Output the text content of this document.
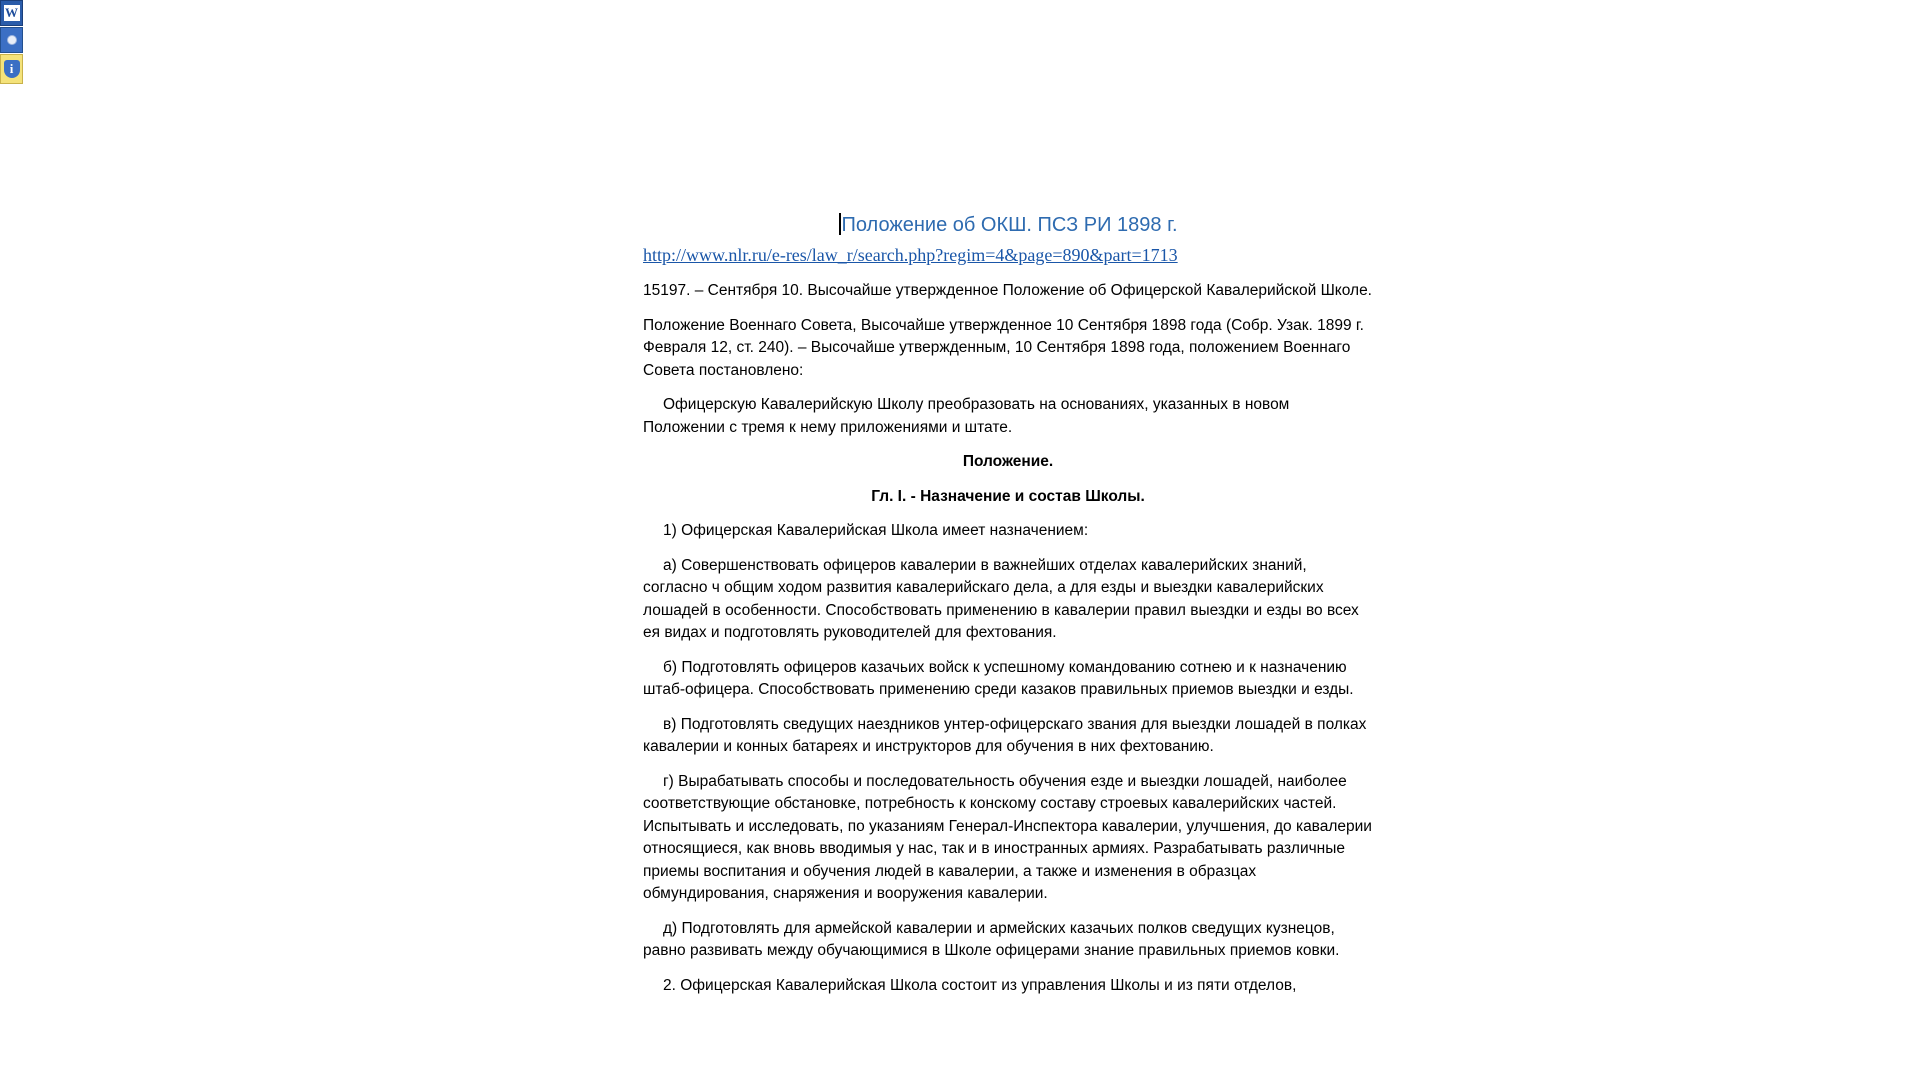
W
i
Положение об ОКШ. ПСЗ РИ 1898 г.
http://www.nlr.ru/e-res/law_r/search.php?regim=4&page=890&part=1713

15197. – Сентября 10. Высочайше утвержденное Положение об Офицерской Кавалерийской Школе.

Положение Военнаго Совета, Высочайше утвержденное 10 Сентября 1898 года (Собр. Узак. 1899 г. Февраля 12, ст. 240). – Высочайше утвержденным, 10 Сентября 1898 года, положением Военнаго Совета постановлено:

Офицерскую Кавалерийскую Школу преобразовать на основаниях, указанных в новом Положении с тремя к нему приложениями и штате.

Положение.

Гл. I. - Назначение и состав Школы.

1) Офицерская Кавалерийская Школа имеет назначением:

а) Совершенствовать офицеров кавалерии в важнейших отделах кавалерийских знаний, согласно ч общим ходом развития кавалерийскаго дела, а для езды и выездки кавалерийских лошадей в особенности. Способствовать применению в кавалерии правил выездки и езды во всех ея видах и подготовлять руководителей для фехтования.

б) Подготовлять офицеров казачьих войск к успешному командованию сотнею и к назначению штаб-офицера. Способствовать применению среди казаков правильных приемов выездки и езды.

в) Подготовлять сведущих наездников унтер-офицерскаго звания для выездки лошадей в полках кавалерии и конных батареях и инструкторов для обучения в них фехтованию.

г) Вырабатывать способы и последовательность обучения езде и выездки лошадей, наиболее соответствующие обстановке, потребность к конскому составу строевых кавалерийских частей. Испытывать и исследовать, по указаниям Генерал-Инспектора кавалерии, улучшения, до кавалерии относящиеся, как вновь вводимыя у нас, так и в иностранных армиях. Разрабатывать различные приемы воспитания и обучения людей в кавалерии, а также и изменения в образцах обмундирования, снаряжения и вооружения кавалерии.

д) Подготовлять для армейской кавалерии и армейских казачьих полков сведущих кузнецов, равно развивать между обучающимися в Школе офицерами знание правильных приемов ковки.

2. Офицерская Кавалерийская Школа состоит из управления Школы и из пяти отделов,
